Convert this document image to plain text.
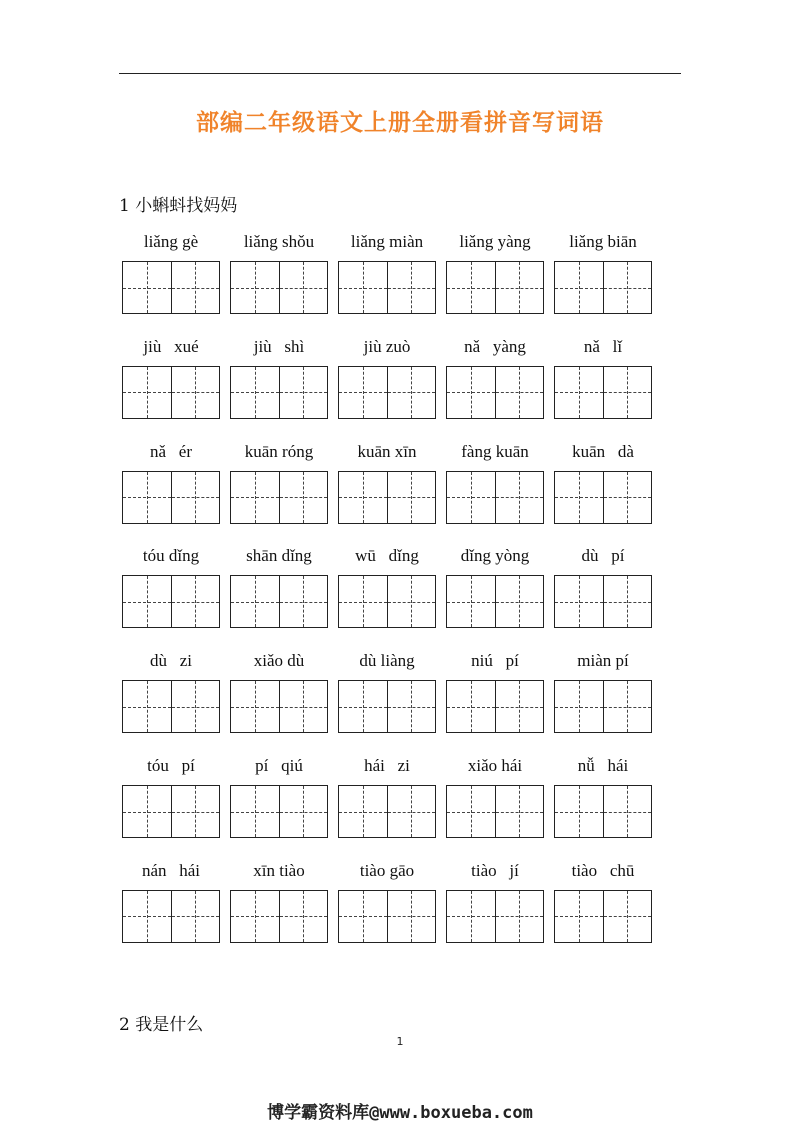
部编二年级语文上册全册看拼音写词语
1 小蝌蚪找妈妈
liǎng gè	liǎng shǒu	liǎng miàn	liǎng yàng	liǎng biān
jiù   xué	jiù   shì	jiù zuò	nǎ   yàng	nǎ   lǐ
nǎ   ér	kuān róng	kuān xīn	fàng kuān	kuān   dà
tóu dǐng	shān dǐng	wū   dǐng	dǐng yòng	dù   pí
dù   zi	xiǎo dù	dù liàng	niú   pí	miàn pí
tóu   pí	pí   qiú	hái   zi	xiǎo hái	nǚ   hái
nán   hái	xīn tiào	tiào gāo	tiào   jí	tiào   chū
2 我是什么
1
博学霸资料库@www.boxueba.com
